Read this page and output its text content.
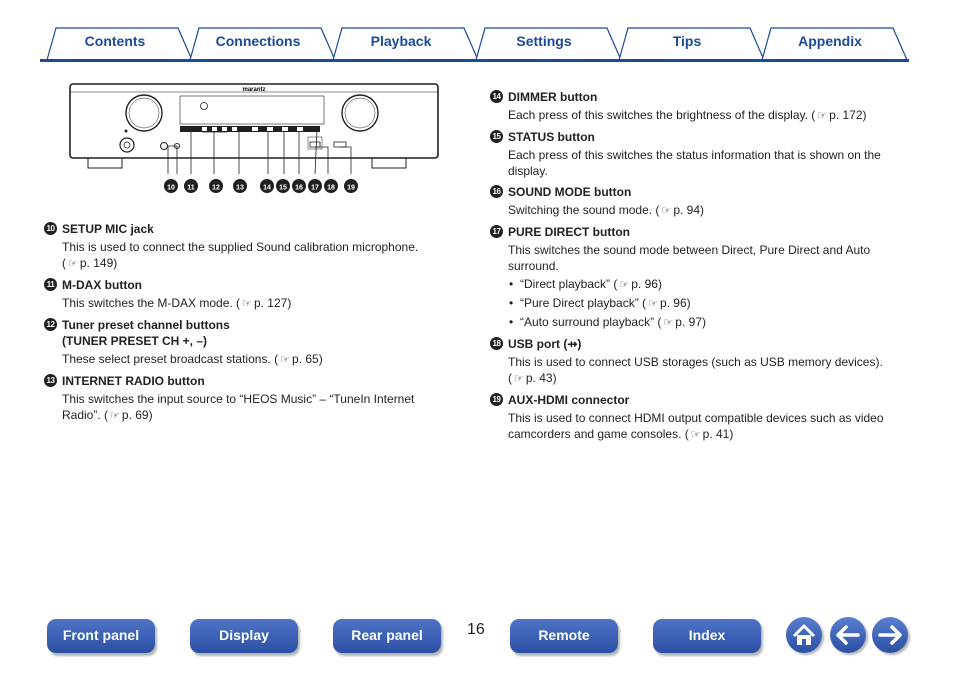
Contents	Connections	Playback	Settings	Tips	Appendix
marantz
10 11 12 13	14 15 16 17 18 19
10 SETUP MIC jack
This is used to connect the supplied Sound calibration microphone.
( ☞ p. 149)
11 M-DAX button
This switches the M-DAX mode. ( ☞ p. 127)
12 Tuner preset channel buttons
(TUNER PRESET CH +, –)
These select preset broadcast stations. ( ☞ p. 65)
13 INTERNET RADIO button
This switches the input source to “HEOS Music” – “TuneIn Internet Radio”. ( ☞ p. 69)
14 DIMMER button
Each press of this switches the brightness of the display. ( ☞ p. 172)
15 STATUS button
Each press of this switches the status information that is shown on the display.
16 SOUND MODE button
Switching the sound mode. ( ☞ p. 94)
17 PURE DIRECT button
This switches the sound mode between Direct, Pure Direct and Auto surround.
• “Direct playback” ( ☞ p. 96)
• “Pure Direct playback” ( ☞ p. 96)
• “Auto surround playback” ( ☞ p. 97)
18 USB port (⇸)
This is used to connect USB storages (such as USB memory devices).
( ☞ p. 43)
19 AUX-HDMI connector
This is used to connect HDMI output compatible devices such as video camcorders and game consoles. ( ☞ p. 41)
Front panel	Display	Rear panel	16	Remote	Index
